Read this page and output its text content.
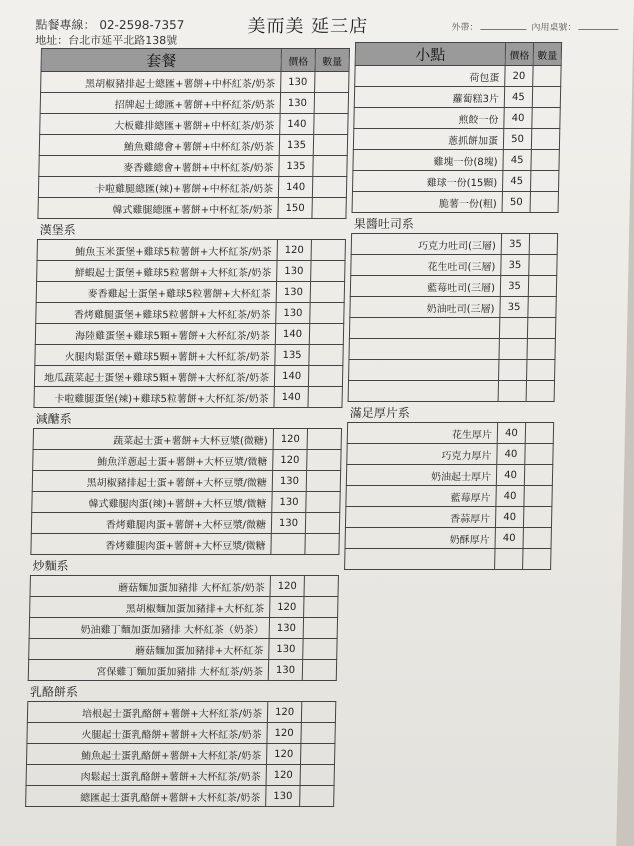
點餐專線： 02-2598-7357
地址：台北市延平北路138號
美而美 延三店	外帶：	內用桌號：
套餐	價格	數量
黑胡椒豬排起士總匯+薯餅+中杯紅茶/奶茶	130	
招牌起士總匯+薯餅+中杯紅茶/奶茶	130	
大板雞排總匯+薯餅+中杯紅茶/奶茶	140	
鮪魚雞總會+薯餅+中杯紅茶/奶茶	135	
麥香雞總會+薯餅+中杯紅茶/奶茶	135	
卡啦雞腿總匯(辣)+薯餅+中杯紅茶/奶茶	140	
韓式雞腿總匯+薯餅+中杯紅茶/奶茶	150	
漢堡系		
鮪魚玉米蛋堡+雞球5粒薯餅+大杯紅茶/奶茶	120	
鮮蝦起士蛋堡+雞球5粒薯餅+大杯紅茶/奶茶	130	
麥香雞起士蛋堡+雞球5粒薯餅+大杯紅茶	130	
香烤雞腿蛋堡+雞球5粒薯餅+大杯紅茶/奶茶	130	
海陸雞蛋堡+雞球5顆+薯餅+大杯紅茶/奶茶	140	
火腿肉鬆蛋堡+雞球5顆+薯餅+大杯紅茶/奶茶	135	
地瓜蔬菜起士蛋堡+雞球5顆+薯餅+大杯紅茶/奶茶	140	
卡啦雞腿蛋堡(辣)+雞球5粒薯餅+大杯紅茶/奶茶	140	
減醣系		
蔬菜起士蛋+薯餅+大杯豆漿(微糖)	120	
鮪魚洋蔥起士蛋+薯餅+大杯豆漿/微糖	120	
黑胡椒豬排起士蛋+薯餅+大杯豆漿/微糖	130	
韓式雞腿肉蛋(辣)+薯餅+大杯豆漿/微糖	130	
香烤雞腿肉蛋+薯餅+大杯豆漿/微糖	130	
香烤雞腿肉蛋+薯餅+大杯豆漿/微糖		
炒麵系		
蘑菇麵加蛋加豬排 大杯紅茶/奶茶	120	
黑胡椒麵加蛋加豬排+大杯紅茶	120	
奶油雞丁麵加蛋加豬排 大杯紅茶（奶茶）	130	
蘑菇麵加蛋加豬排+大杯紅茶	130	
宮保雞丁麵加蛋加豬排 大杯紅茶/奶茶	130	
乳酪餅系		
培根起士蛋乳酪餅+薯餅+大杯紅茶/奶茶	120	
火腿起士蛋乳酪餅+薯餅+大杯紅茶/奶茶	120	
鮪魚起士蛋乳酪餅+薯餅+大杯紅茶/奶茶	120	
肉鬆起士蛋乳酪餅+薯餅+大杯紅茶/奶茶	120	
總匯起士蛋乳酪餅+薯餅+大杯紅茶/奶茶	130	
小點	價格	數量
荷包蛋	20	
蘿蔔糕3片	45	
煎餃一份	40	
蔥抓餅加蛋	50	
雞塊一份(8塊)	45	
雞球一份(15顆)	45	
脆薯一份(粗)	50	
果醬吐司系		
巧克力吐司(三層)	35	
花生吐司(三層)	35	
藍莓吐司(三層)	35	
奶油吐司(三層)	35	

滿足厚片系		
花生厚片	40	
巧克力厚片	40	
奶油起士厚片	40	
藍莓厚片	40	
香蒜厚片	40	
奶酥厚片	40	
